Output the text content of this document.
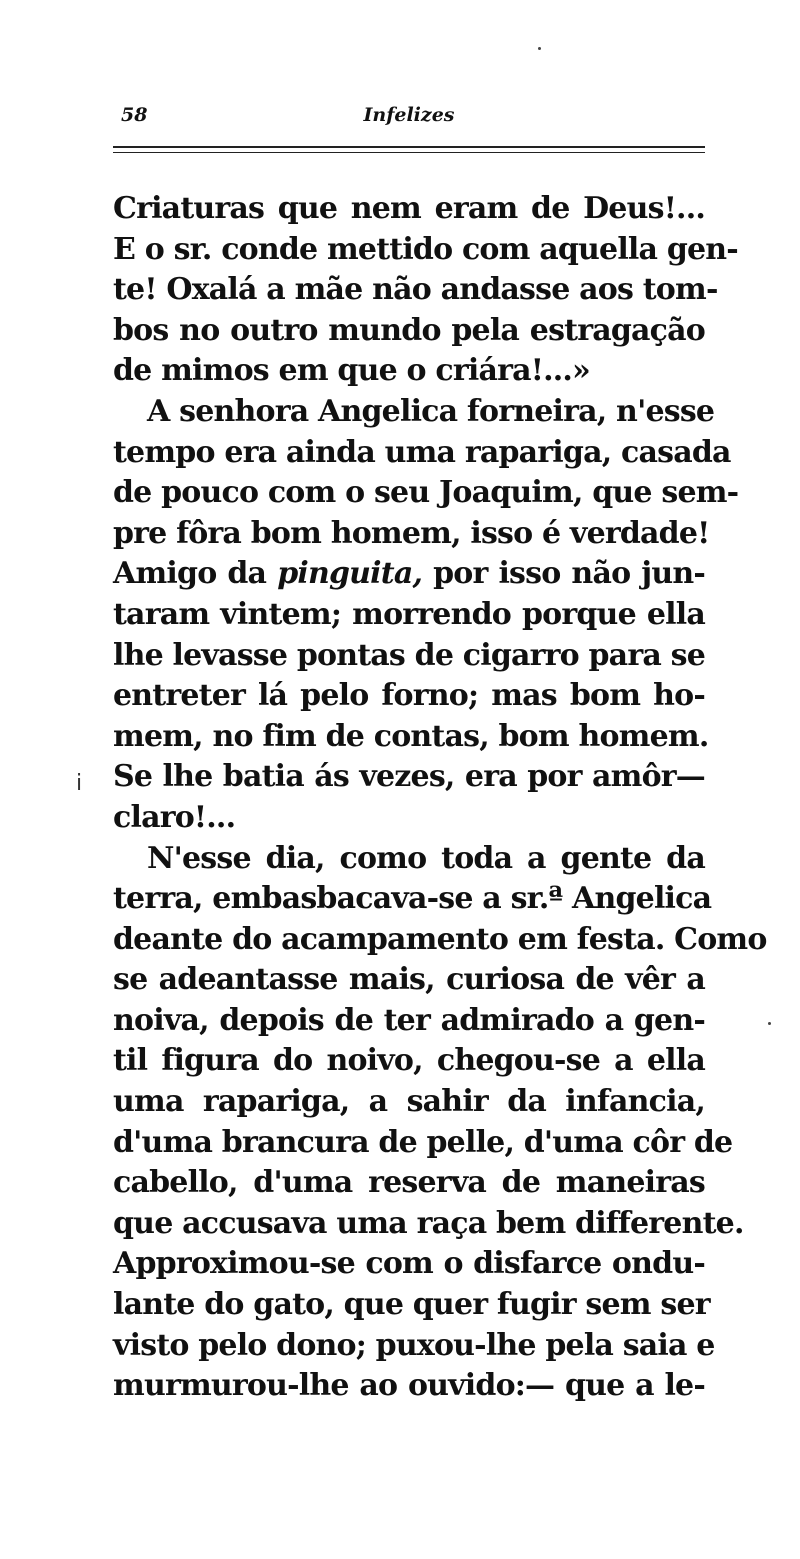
58	Infelizes
Criaturas que nem eram de Deus!...
E o sr. conde mettido com aquella gen-
te! Oxalá a mãe não andasse aos tom-
bos no outro mundo pela estragação
de mimos em que o criára!...»
A senhora Angelica forneira, n'esse
tempo era ainda uma rapariga, casada
de pouco com o seu Joaquim, que sem-
pre fôra bom homem, isso é verdade!
Amigo da pinguita, por isso não jun-
taram vintem; morrendo porque ella
lhe levasse pontas de cigarro para se
entreter lá pelo forno; mas bom ho-
mem, no fim de contas, bom homem.
Se lhe batia ás vezes, era por amôr—
claro!...
N'esse dia, como toda a gente da
terra, embasbacava-se a sr.ª Angelica
deante do acampamento em festa. Como
se adeantasse mais, curiosa de vêr a
noiva, depois de ter admirado a gen-
til figura do noivo, chegou-se a ella
uma rapariga, a sahir da infancia,
d'uma brancura de pelle, d'uma côr de
cabello, d'uma reserva de maneiras
que accusava uma raça bem differente.
Approximou-se com o disfarce ondu-
lante do gato, que quer fugir sem ser
visto pelo dono; puxou-lhe pela saia e
murmurou-lhe ao ouvido:— que a le-
i
